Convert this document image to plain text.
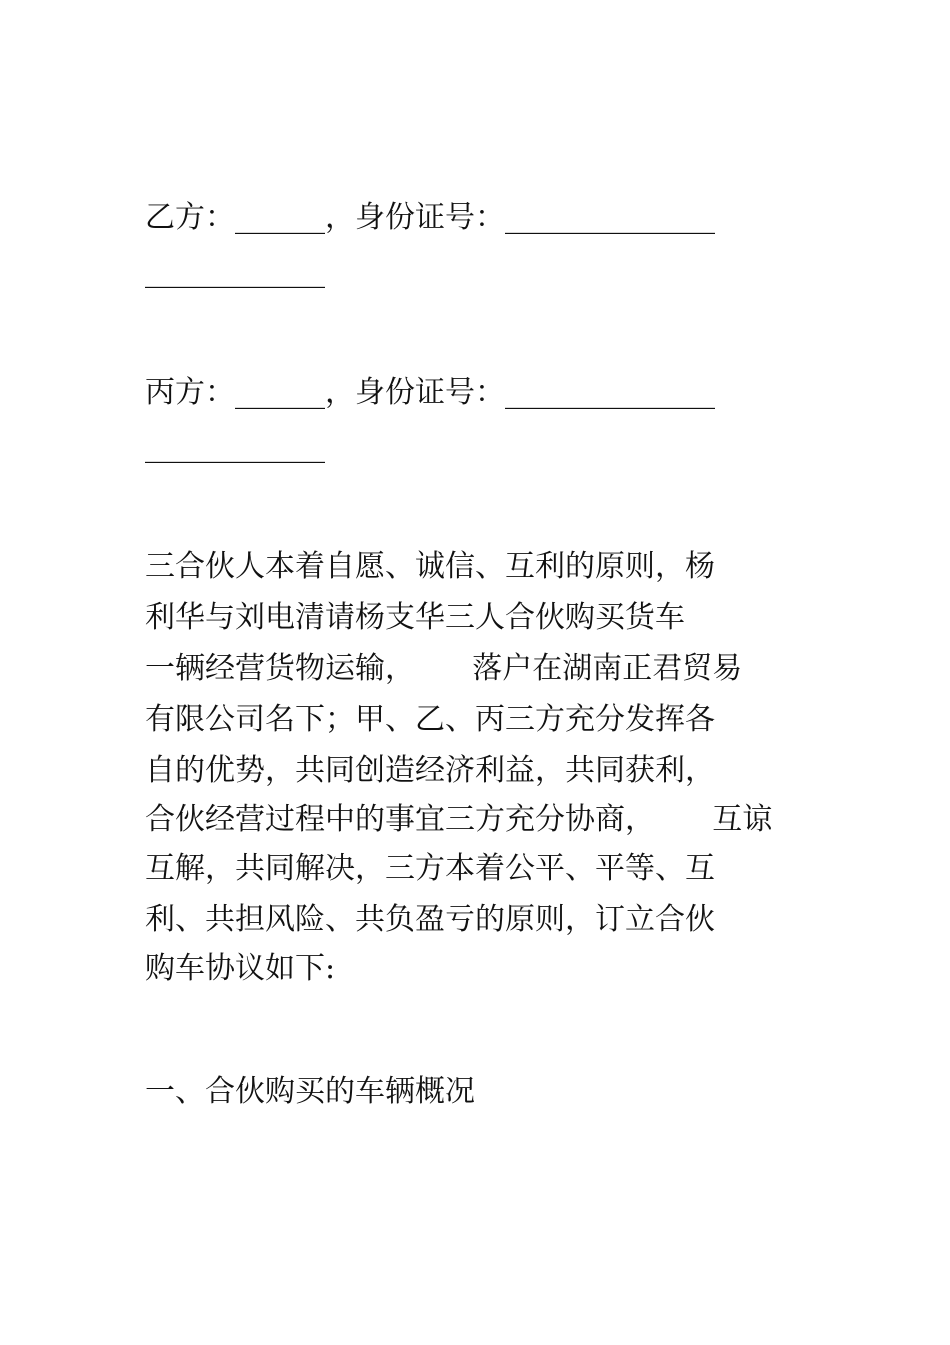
乙方：______，身份证号：______________

____________

丙方：______，身份证号：______________

____________

三合伙人本着自愿、诚信、互利的原则，杨

利华与刘电清请杨支华三人合伙购买货车

一辆经营货物运输，      落户在湖南正君贸易

有限公司名下；甲、乙、丙三方充分发挥各

自的优势，共同创造经济利益，共同获利，

合伙经营过程中的事宜三方充分协商，      互谅

互解，共同解决，三方本着公平、平等、互

利、共担风险、共负盈亏的原则，订立合伙

购车协议如下:

一、合伙购买的车辆概况
